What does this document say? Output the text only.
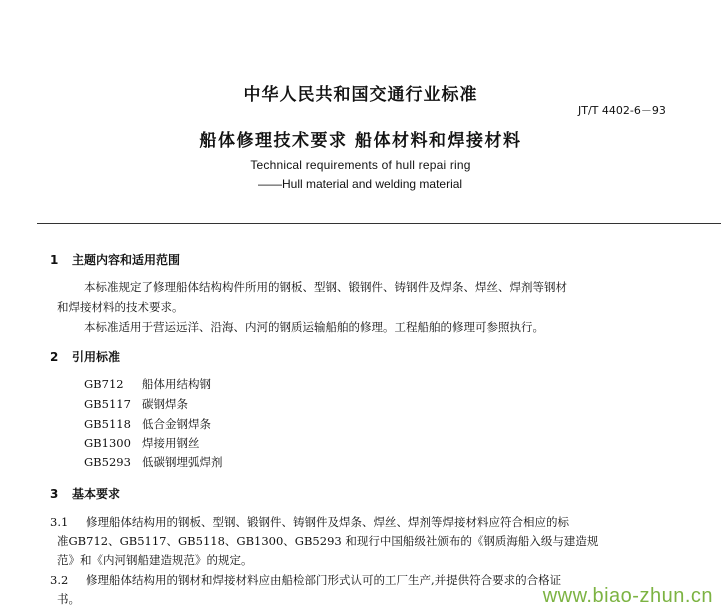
中华人民共和国交通行业标准
JT/T 4402-6－93
船体修理技术要求 船体材料和焊接材料
Technical requirements of hull repai ring
——Hull material and welding material
1 主题内容和适用范围
本标准规定了修理船体结构构件所用的钢板、型钢、锻钢件、铸钢件及焊条、焊丝、焊剂等钢材
和焊接材料的技术要求。
本标准适用于营运远洋、沿海、内河的钢质运输船舶的修理。工程船舶的修理可参照执行。
2 引用标准
GB712 船体用结构钢
GB5117 碳钢焊条
GB5118 低合金钢焊条
GB1300 焊接用钢丝
GB5293 低碳钢埋弧焊剂
3 基本要求
3.1 修理船体结构用的钢板、型钢、锻钢件、铸钢件及焊条、焊丝、焊剂等焊接材料应符合相应的标
准GB712、GB5117、GB5118、GB1300、GB5293 和现行中国船级社颁布的《钢质海船入级与建造规
范》和《内河钢船建造规范》的规定。
3.2 修理船体结构用的钢材和焊接材料应由船检部门形式认可的工厂生产,并提供符合要求的合格证
书。	www.biao-zhun.cn
